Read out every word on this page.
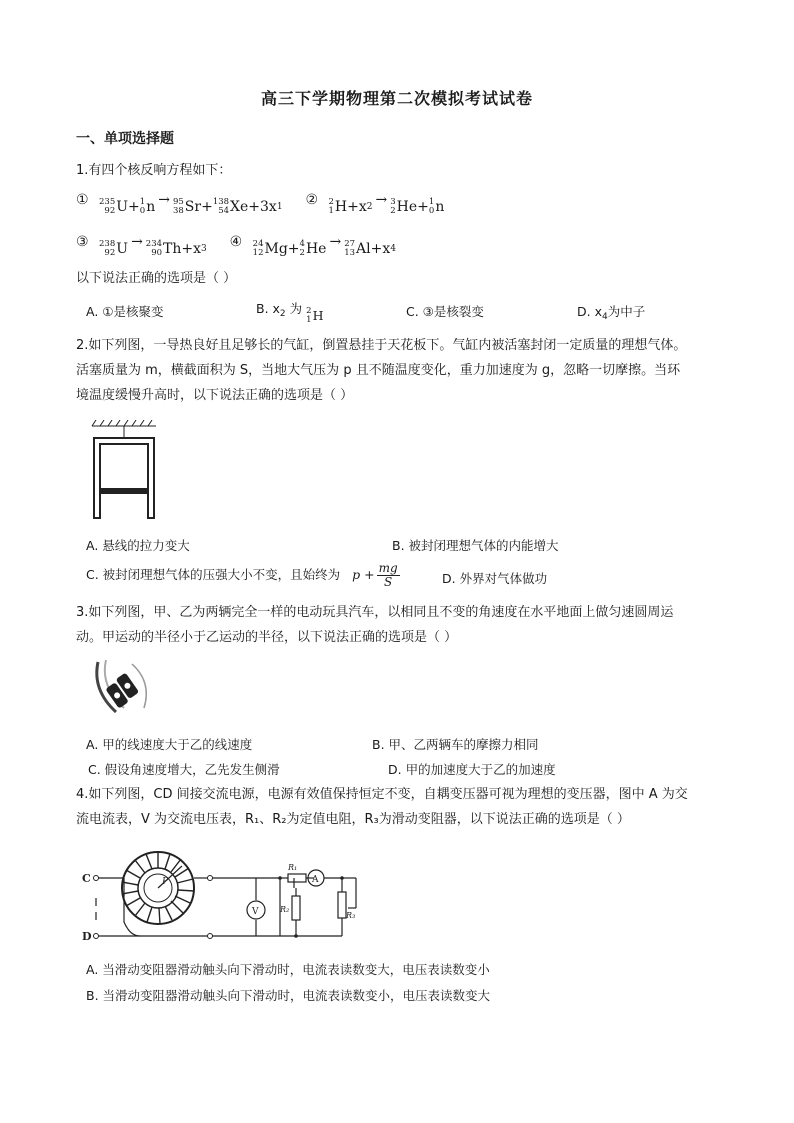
高三下学期物理第二次模拟考试试卷
一、单项选择题
1.有四个核反响方程如下：
① 235
92 U+ 1
0 n → 95
38 Sr+ 138
54 Xe+3x 1 ② 2
1 H+x 2 → 3
2 He+ 1
0 n
③ 238
92 U → 234
90 Th+x 3 ④ 24
12 Mg+ 4
2 He → 27
13 Al+x 4
以下说法正确的选项是（ ）
A. ①是核聚变	B. $x_2$ 为 2
1 H	C. ③是核裂变	D. $x_4$为中子
2.如下列图，一导热良好且足够长的气缸，倒置悬挂于天花板下。气缸内被活塞封闭一定质量的理想气体。
活塞质量为 m，横截面积为 S，当地大气压为 p 且不随温度变化，重力加速度为 g，忽略一切摩擦。当环
境温度缓慢升高时，以下说法正确的选项是（ ）
A. 悬线的拉力变大	B. 被封闭理想气体的内能增大
C. 被封闭理想气体的压强大小不变，且始终为 $p + \frac{mg}{S}$	D. 外界对气体做功
3.如下列图，甲、乙为两辆完全一样的电动玩具汽车，以相同且不变的角速度在水平地面上做匀速圆周运
动。甲运动的半径小于乙运动的半径，以下说法正确的选项是（ ）
A. 甲的线速度大于乙的线速度	B. 甲、乙两辆车的摩擦力相同
C. 假设角速度增大，乙先发生侧滑	D. 甲的加速度大于乙的加速度
4.如下列图，CD 间接交流电源，电源有效值保持恒定不变，自耦变压器可视为理想的变压器，图中 A 为交
流电流表，V 为交流电压表，R₁、R₂为定值电阻，R₃为滑动变阻器，以下说法正确的选项是（ ）
C
D
P
V
A
R₁
R₂
R₃
A. 当滑动变阻器滑动触头向下滑动时，电流表读数变大，电压表读数变小
B. 当滑动变阻器滑动触头向下滑动时，电流表读数变小，电压表读数变大
